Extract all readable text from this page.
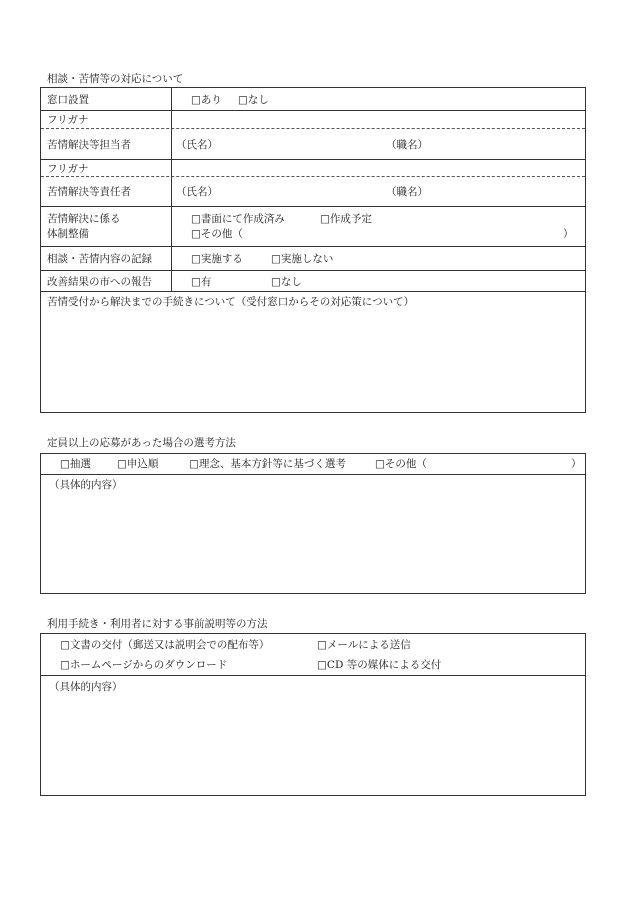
相談・苦情等の対応について
窓口設置	□あり □なし
フリガナ
苦情解決等担当者	（氏名）	（職名）
フリガナ
苦情解決等責任者	（氏名）	（職名）
苦情解決に係る
体制整備
□書面にて作成済み	□作成予定
□その他（	）
相談・苦情内容の記録	□実施する	□実施しない
改善結果の市への報告	□有	□なし
苦情受付から解決までの手続きについて（受付窓口からその対応策について）
定員以上の応募があった場合の選考方法
□抽選 □申込順	□理念、基本方針等に基づく選考	□その他（	）
（具体的内容）
利用手続き・利用者に対する事前説明等の方法
□文書の交付（郵送又は説明会での配布等）	□メールによる送信
□ホームページからのダウンロード	□CD 等の媒体による交付
（具体的内容）
